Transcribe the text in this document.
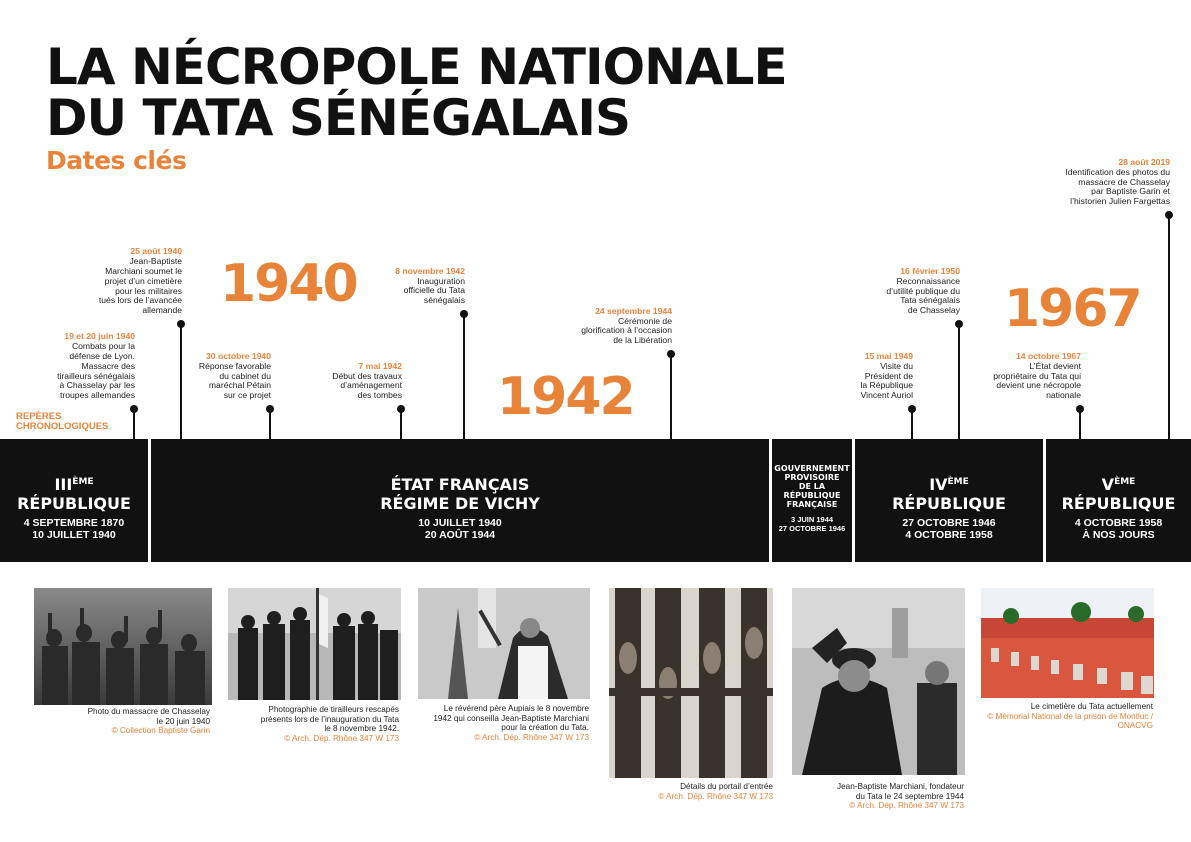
LA NÉCROPOLE NATIONALE
DU TATA SÉNÉGALAIS
Dates clés
1940
1942
1967
REPÈRES
CHRONOLOGIQUES
19 et 20 juin 1940
Combats pour la
défense de Lyon.
Massacre des
tirailleurs sénégalais
à Chasselay par les
troupes allemandes
25 août 1940
Jean-Baptiste
Marchiani soumet le
projet d’un cimetière
pour les militaires
tués lors de l’avancée
allemande
30 octobre 1940
Réponse favorable
du cabinet du
maréchal Pétain
sur ce projet
7 mai 1942
Début des travaux
d’aménagement
des tombes
8 novembre 1942
Inauguration
officielle du Tata
sénégalais
24 septembre 1944
Cérémonie de
glorification à l’occasion
de la Libération
15 mai 1949
Visite du
Président de
la République
Vincent Auriol
16 février 1950
Reconnaissance
d’utilité publique du
Tata sénégalais
de Chasselay
14 octobre 1967
L’État devient
propriétaire du Tata qui
devient une nécropole
nationale
28 août 2019
Identification des photos du
massacre de Chasselay
par Baptiste Garin et
l’historien Julien Fargettas
IIIÈME
RÉPUBLIQUE
4 SEPTEMBRE 1870
10 JUILLET 1940
ÉTAT FRANÇAIS
RÉGIME DE VICHY
10 JUILLET 1940
20 AOÛT 1944
GOUVERNEMENT
PROVISOIRE
DE LA
RÉPUBLIQUE
FRANÇAISE
3 JUIN 1944
27 OCTOBRE 1946
IVÈME
RÉPUBLIQUE
27 OCTOBRE 1946
4 OCTOBRE 1958
VÈME
RÉPUBLIQUE
4 OCTOBRE 1958
À NOS JOURS
Photo du massacre de Chasselay
le 20 juin 1940
© Collection Baptiste Garin
Photographie de tirailleurs rescapés
présents lors de l’inauguration du Tata
le 8 novembre 1942.
© Arch. Dép. Rhône 347 W 173
Le révérend père Aupiais le 8 novembre
1942 qui conseilla Jean-Baptiste Marchiani
pour la création du Tata.
© Arch. Dép. Rhône 347 W 173
Détails du portail d’entrée
© Arch. Dép. Rhône 347 W 173
Jean-Baptiste Marchiani, fondateur
du Tata le 24 septembre 1944
© Arch. Dép. Rhône 347 W 173
Le cimetière du Tata actuellement
© Mémorial National de la prison de Montluc / ONACVG
